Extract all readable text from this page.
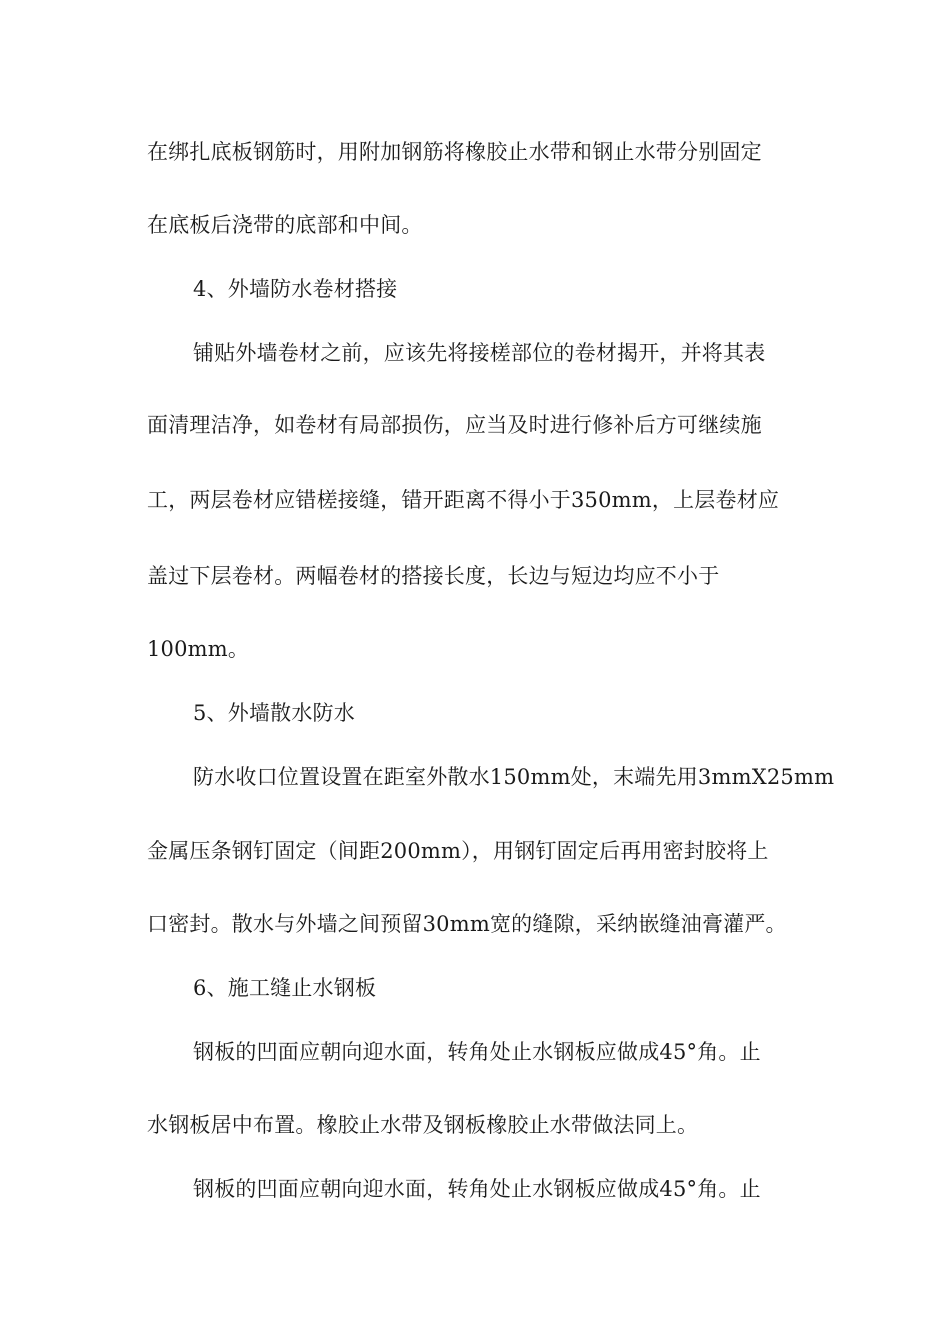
在绑扎底板钢筋时，用附加钢筋将橡胶止水带和钢止水带分别固定
在底板后浇带的底部和中间。
4、外墙防水卷材搭接
铺贴外墙卷材之前，应该先将接槎部位的卷材揭开，并将其表
面清理洁净，如卷材有局部损伤，应当及时进行修补后方可继续施
工，两层卷材应错槎接缝，错开距离不得小于350mm，上层卷材应
盖过下层卷材。两幅卷材的搭接长度，长边与短边均应不小于
100mm。
5、外墙散水防水
防水收口位置设置在距室外散水150mm处，末端先用3mmX25mm
金属压条钢钉固定（间距200mm），用钢钉固定后再用密封胶将上
口密封。散水与外墙之间预留30mm宽的缝隙，采纳嵌缝油膏灌严。
6、施工缝止水钢板
钢板的凹面应朝向迎水面，转角处止水钢板应做成45°角。止
水钢板居中布置。橡胶止水带及钢板橡胶止水带做法同上。
钢板的凹面应朝向迎水面，转角处止水钢板应做成45°角。止
